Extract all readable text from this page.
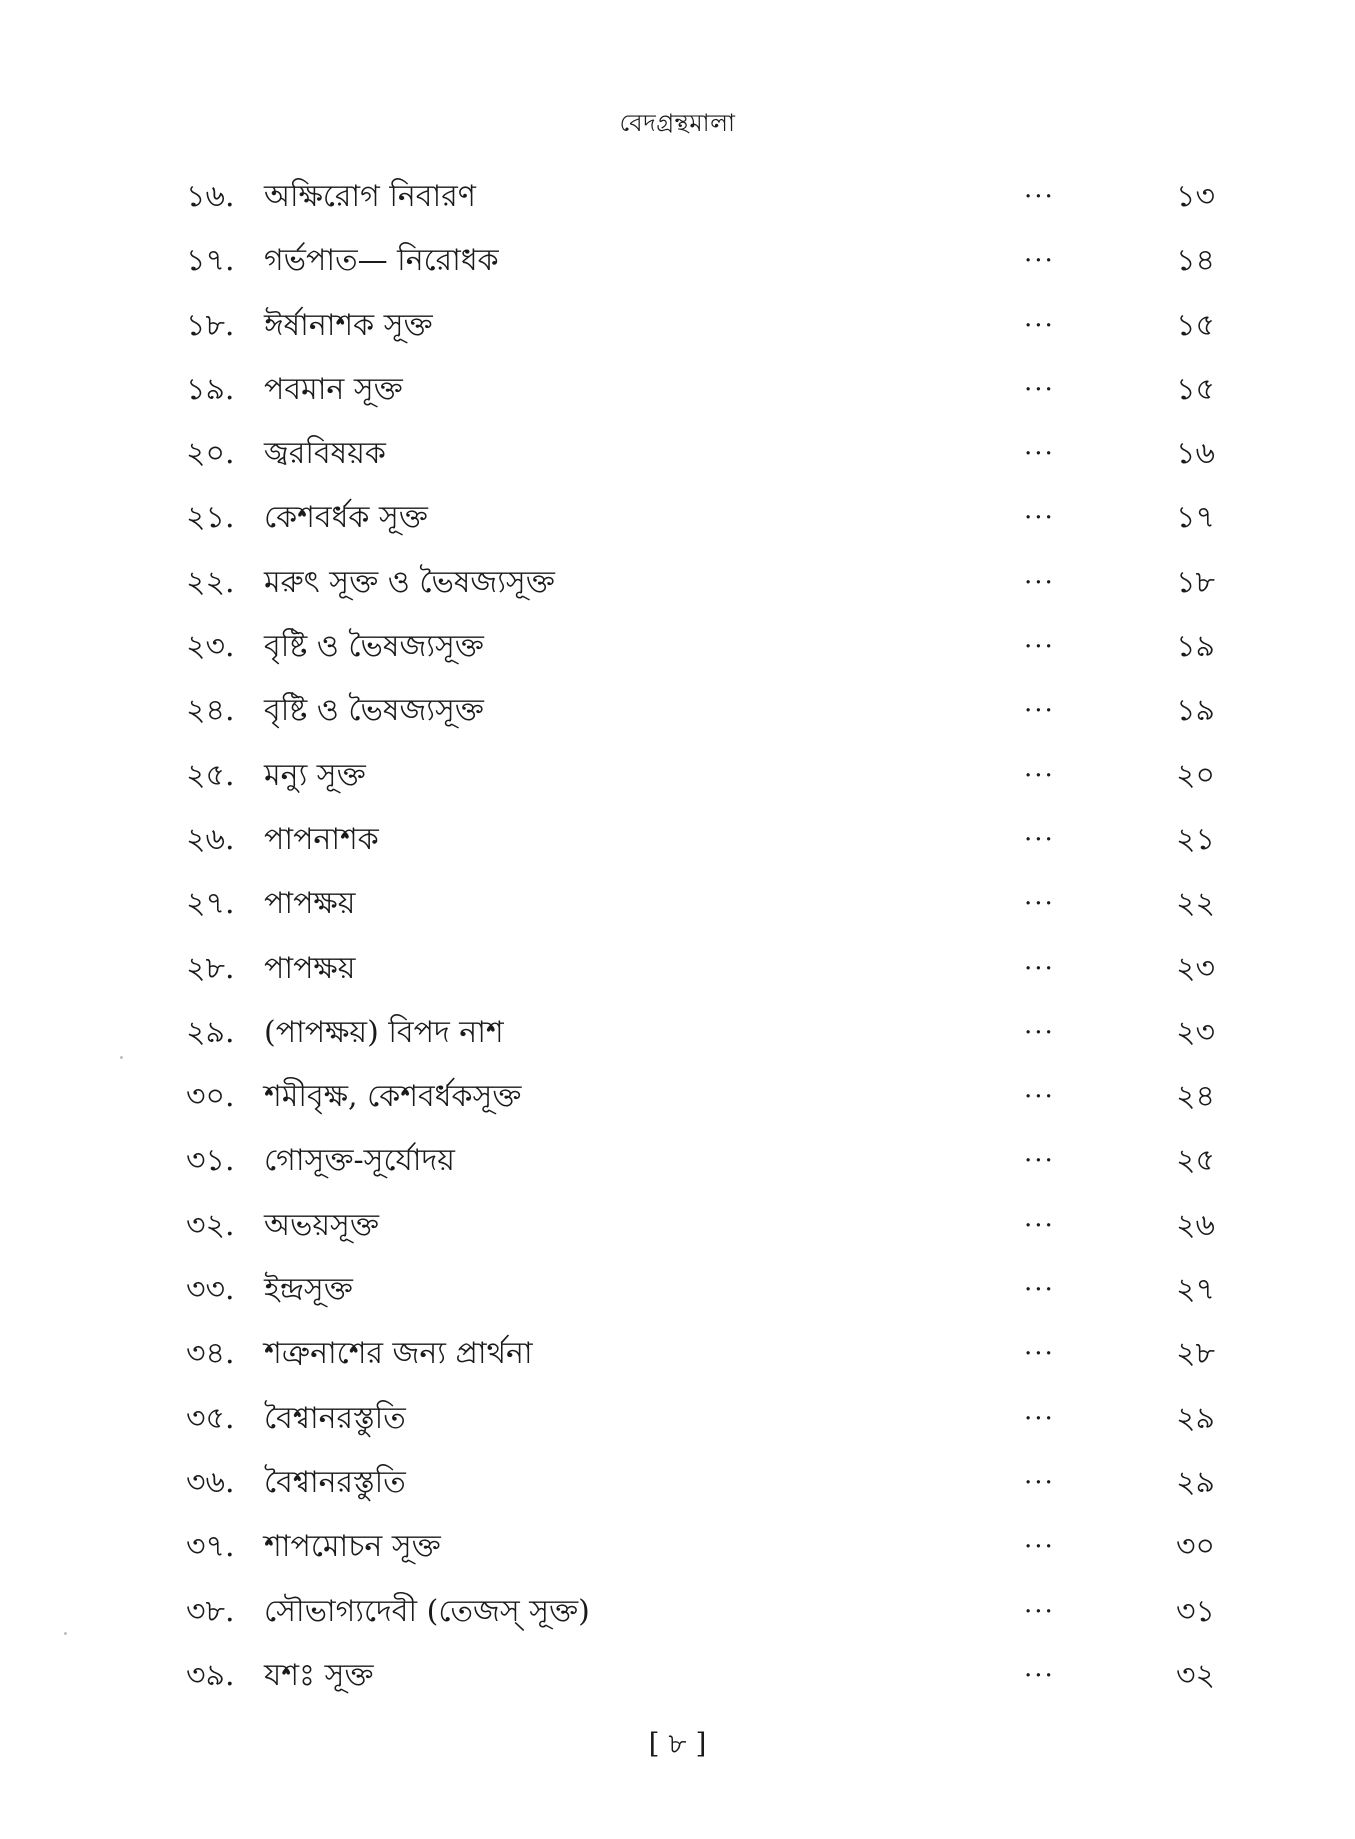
বেদগ্রন্থমালা
১৬. অক্ষিরোগ নিবারণ	...	১৩
১৭. গর্ভপাত— নিরোধক	...	১৪
১৮. ঈর্ষানাশক সূক্ত	...	১৫
১৯. পবমান সূক্ত	...	১৫
২০. জ্বরবিষয়ক	...	১৬
২১. কেশবর্ধক সূক্ত	...	১৭
২২. মরুৎ সূক্ত ও ভৈষজ্যসূক্ত	...	১৮
২৩. বৃষ্টি ও ভৈষজ্যসূক্ত	...	১৯
২৪. বৃষ্টি ও ভৈষজ্যসূক্ত	...	১৯
২৫. মন্যু সূক্ত	...	২০
২৬. পাপনাশক	...	২১
২৭. পাপক্ষয়	...	২২
২৮. পাপক্ষয়	...	২৩
২৯. (পাপক্ষয়) বিপদ নাশ	...	২৩
৩০. শমীবৃক্ষ, কেশবর্ধকসূক্ত	...	২৪
৩১. গোসূক্ত-সূর্যোদয়	...	২৫
৩২. অভয়সূক্ত	...	২৬
৩৩. ইন্দ্রসূক্ত	...	২৭
৩৪. শত্রুনাশের জন্য প্রার্থনা	...	২৮
৩৫. বৈশ্বানরস্তুতি	...	২৯
৩৬. বৈশ্বানরস্তুতি	...	২৯
৩৭. শাপমোচন সূক্ত	...	৩০
৩৮. সৌভাগ্যদেবী (তেজস্ সূক্ত)	...	৩১
৩৯. যশঃ সূক্ত	...	৩২
[ ৮ ]
